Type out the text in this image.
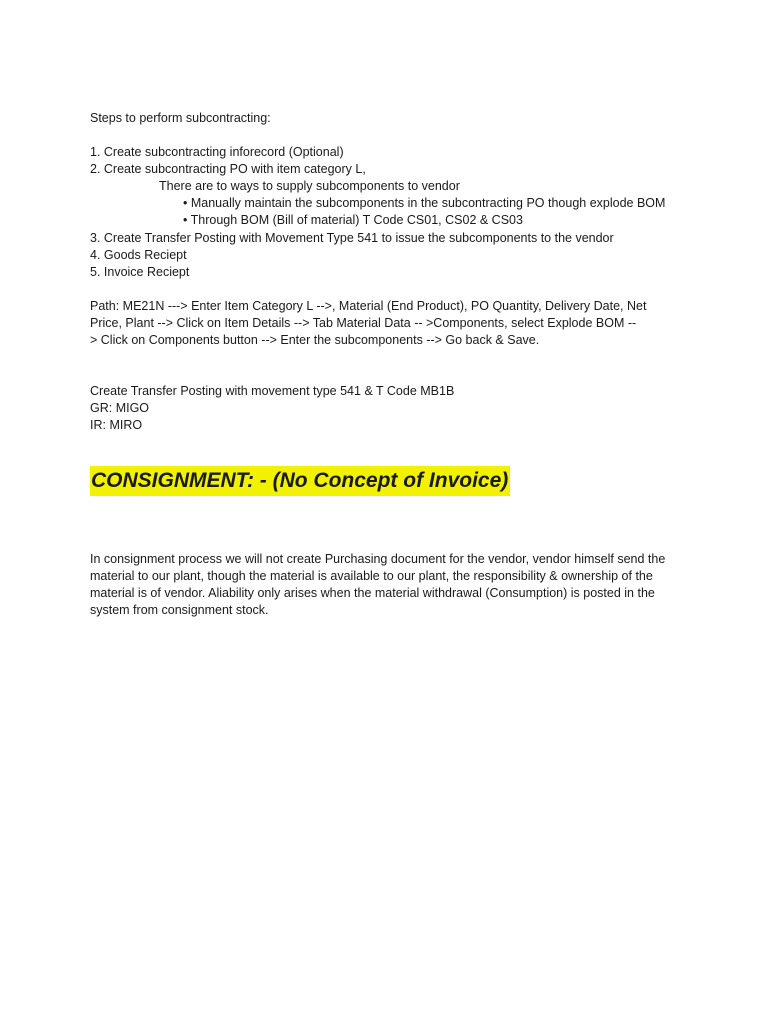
Steps to perform subcontracting:
1. Create subcontracting inforecord (Optional)
2. Create subcontracting PO with item category L,
There are to ways to supply subcomponents to vendor
• Manually maintain the subcomponents in the subcontracting PO though explode BOM
• Through BOM (Bill of material) T Code CS01, CS02 & CS03
3. Create Transfer Posting with Movement Type 541 to issue the subcomponents to the vendor
4. Goods Reciept
5. Invoice Reciept
Path: ME21N ---> Enter Item Category L -->, Material (End Product), PO Quantity, Delivery Date, Net
Price, Plant --> Click on Item Details --> Tab Material Data -- >Components, select Explode BOM --
> Click on Components button --> Enter the subcomponents --> Go back & Save.
Create Transfer Posting with movement type 541 & T Code MB1B
GR: MIGO
IR: MIRO
CONSIGNMENT: - (No Concept of Invoice)
In consignment process we will not create Purchasing document for the vendor, vendor himself send the
material to our plant, though the material is available to our plant, the responsibility & ownership of the
material is of vendor. Aliability only arises when the material withdrawal (Consumption) is posted in the
system from consignment stock.
